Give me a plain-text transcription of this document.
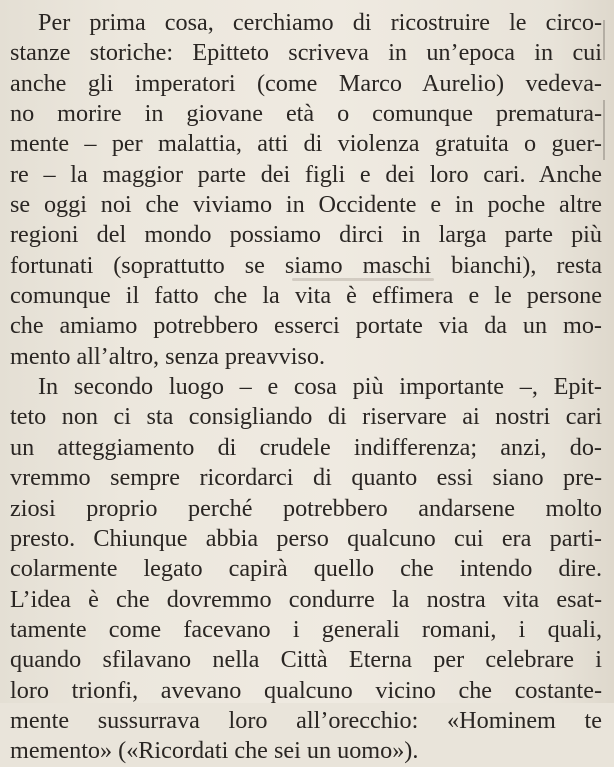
Per prima cosa, cerchiamo di ricostruire le circo-
stanze storiche: Epitteto scriveva in un’epoca in cui
anche gli imperatori (come Marco Aurelio) vedeva-
no morire in giovane età o comunque prematura-
mente – per malattia, atti di violenza gratuita o guer-
re – la maggior parte dei figli e dei loro cari. Anche
se oggi noi che viviamo in Occidente e in poche altre
regioni del mondo possiamo dirci in larga parte più
fortunati (soprattutto se siamo maschi bianchi), resta
comunque il fatto che la vita è effimera e le persone
che amiamo potrebbero esserci portate via da un mo-
mento all’altro, senza preavviso.
In secondo luogo – e cosa più importante –, Epit-
teto non ci sta consigliando di riservare ai nostri cari
un atteggiamento di crudele indifferenza; anzi, do-
vremmo sempre ricordarci di quanto essi siano pre-
ziosi proprio perché potrebbero andarsene molto
presto. Chiunque abbia perso qualcuno cui era parti-
colarmente legato capirà quello che intendo dire.
L’idea è che dovremmo condurre la nostra vita esat-
tamente come facevano i generali romani, i quali,
quando sfilavano nella Città Eterna per celebrare i
loro trionfi, avevano qualcuno vicino che costante-
mente sussurrava loro all’orecchio: «Hominem te
memento» («Ricordati che sei un uomo»).
